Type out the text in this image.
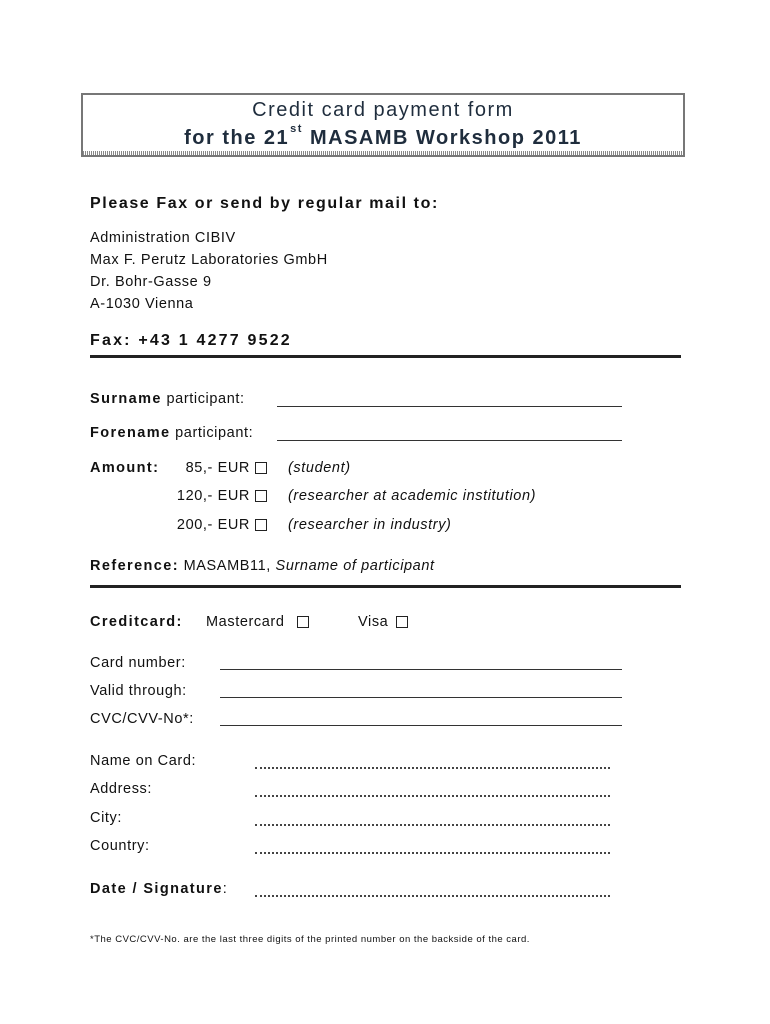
Credit card payment form
for the 21st MASAMB Workshop 2011
Please Fax or send by regular mail to:
Administration CIBIV
Max F. Perutz Laboratories GmbH
Dr. Bohr-Gasse 9
A-1030 Vienna
Fax: +43 1 4277 9522
Surname participant:
Forename participant:
Amount:	85,- EUR	(student)
120,- EUR	(researcher at academic institution)
200,- EUR	(researcher in industry)
Reference: MASAMB11, Surname of participant
Creditcard: Mastercard	Visa
Card number:
Valid through:
CVC/CVV-No*:
Name on Card:
Address:
City:
Country:
Date / Signature:
*The CVC/CVV-No. are the last three digits of the printed number on the backside of the card.
